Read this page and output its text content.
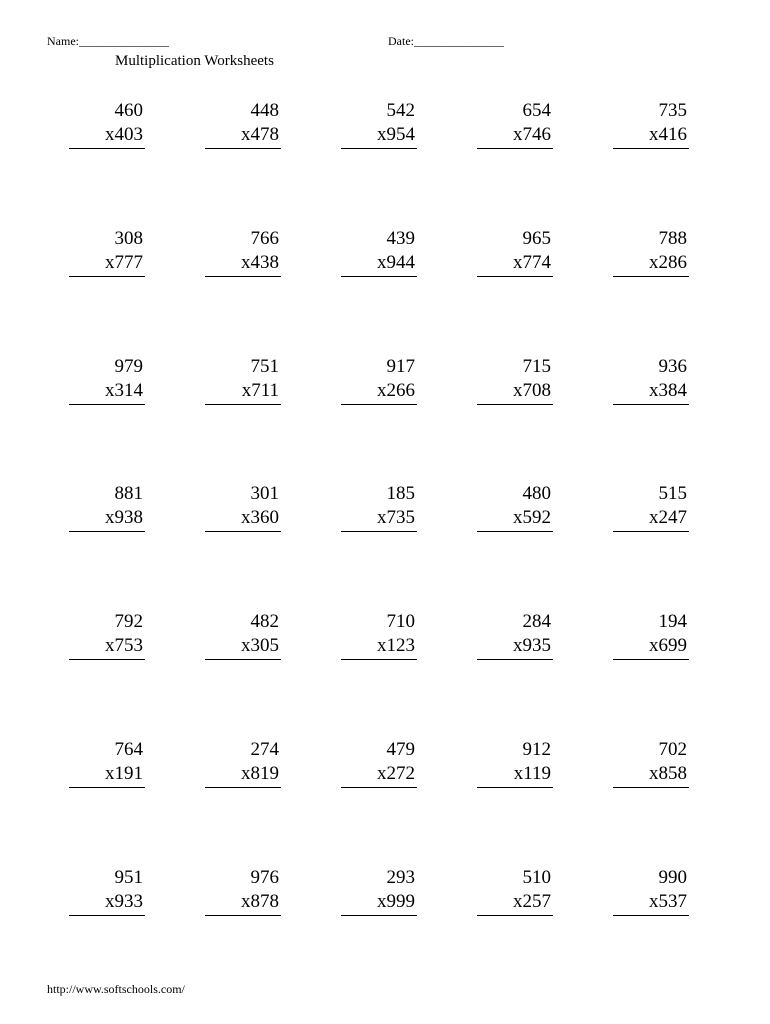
Name:_______________	Date:_______________
Multiplication Worksheets
460
x403
448
x478
542
x954
654
x746
735
x416
308
x777
766
x438
439
x944
965
x774
788
x286
979
x314
751
x711
917
x266
715
x708
936
x384
881
x938
301
x360
185
x735
480
x592
515
x247
792
x753
482
x305
710
x123
284
x935
194
x699
764
x191
274
x819
479
x272
912
x119
702
x858
951
x933
976
x878
293
x999
510
x257
990
x537
http://www.softschools.com/
